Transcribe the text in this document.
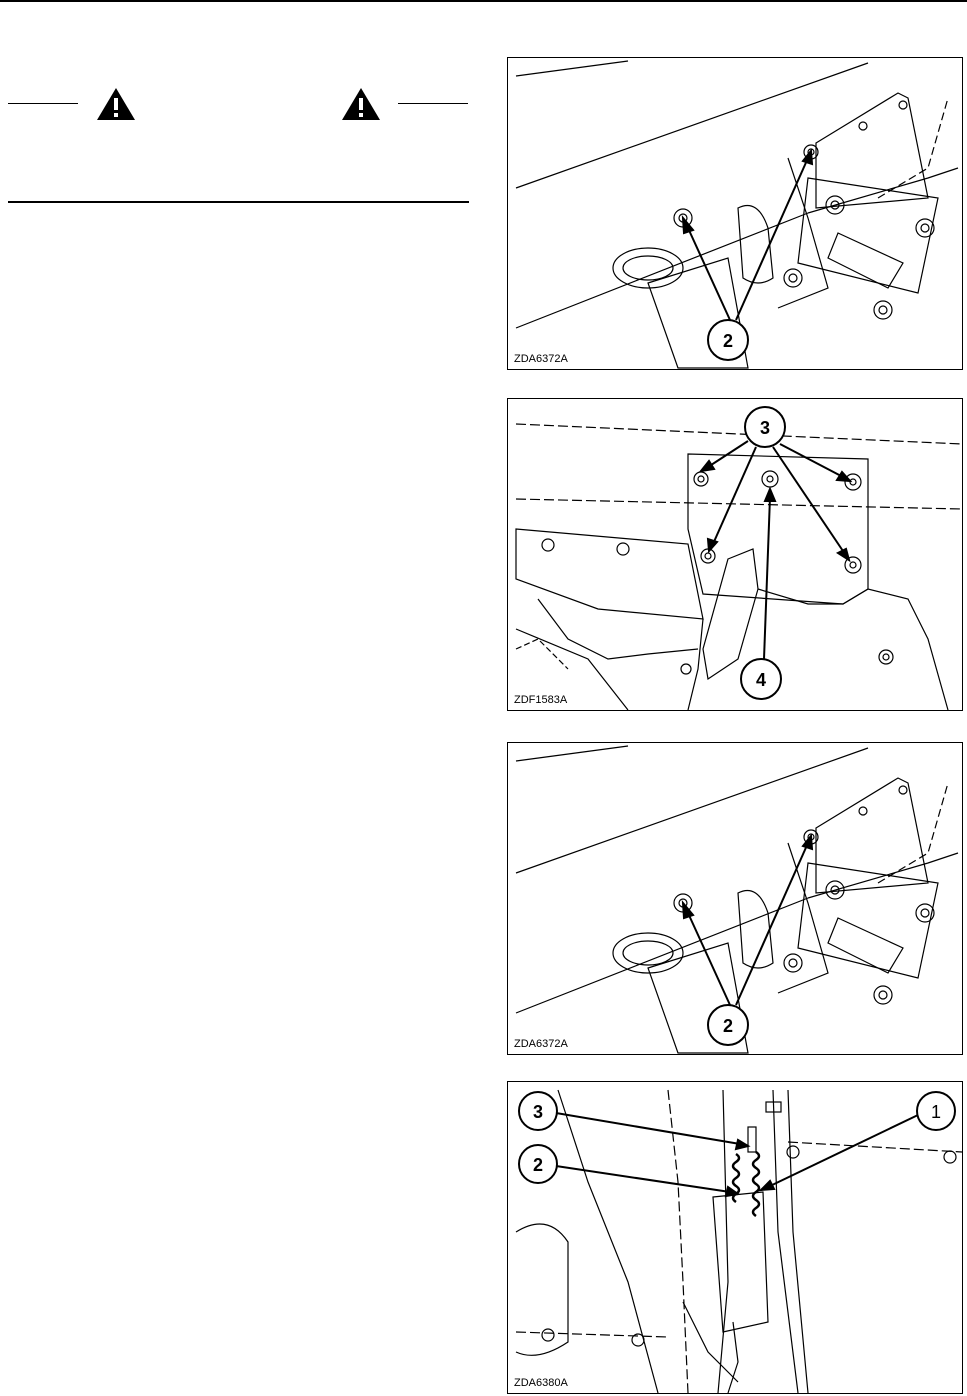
2
ZDA6372A
3
4
ZDF1583A
2
ZDA6372A
3
2
1
ZDA6380A
